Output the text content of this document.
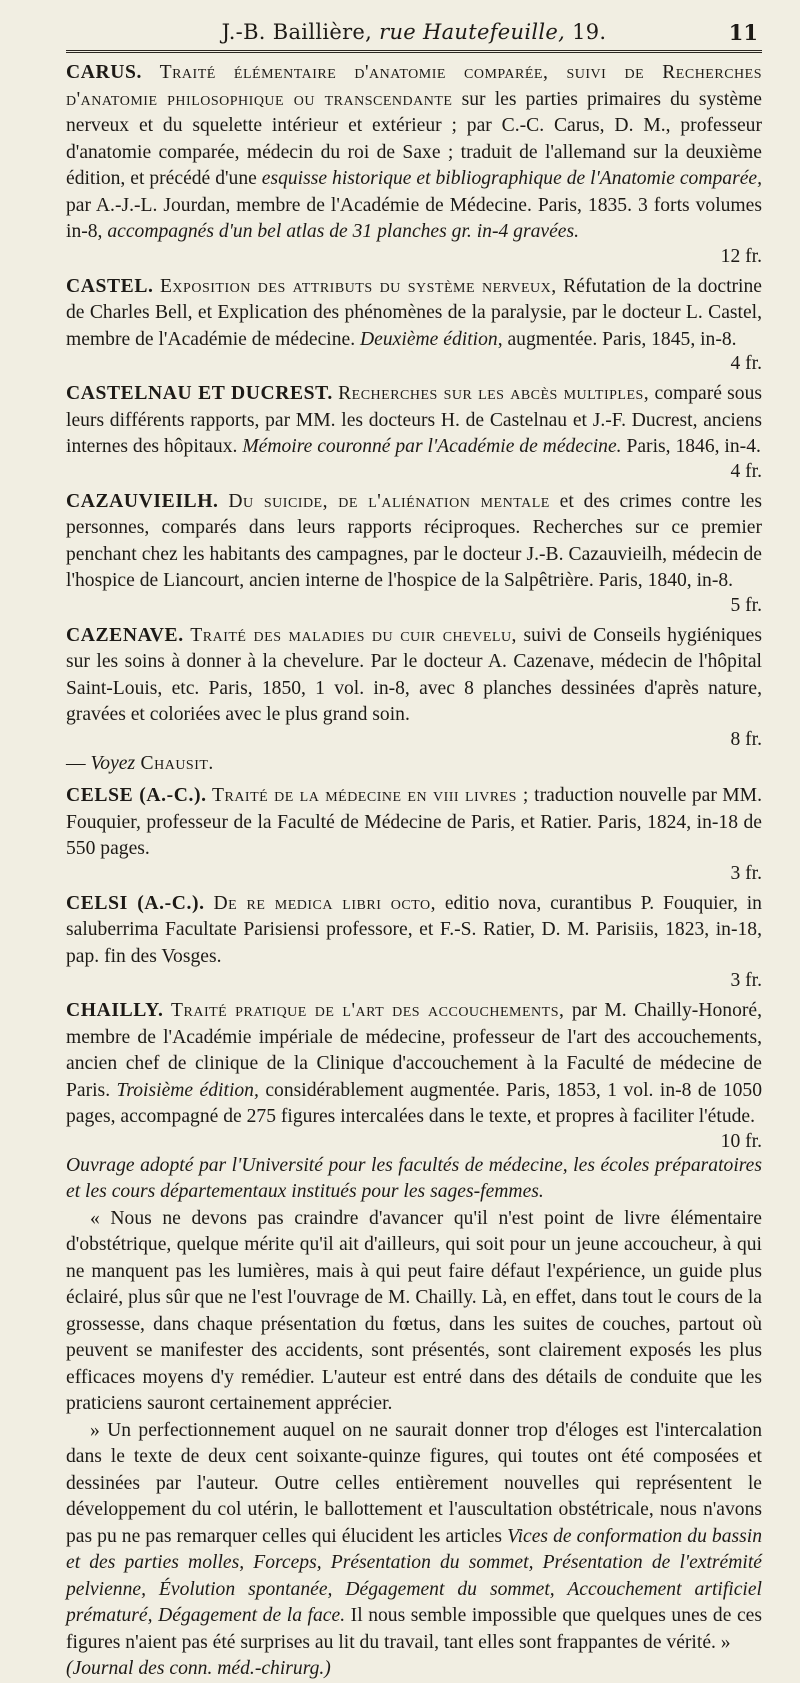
J.-B. Baillière, rue Hautefeuille, 19.	11
CARUS. Traité élémentaire d'anatomie comparée, suivi de Recherches d'anatomie philosophique ou transcendante sur les parties primaires du système nerveux et du squelette intérieur et extérieur ; par C.-C. Carus, D. M., professeur d'anatomie comparée, médecin du roi de Saxe ; traduit de l'allemand sur la deuxième édition, et précédé d'une esquisse historique et bibliographique de l'Anatomie comparée, par A.-J.-L. Jourdan, membre de l'Académie de Médecine. Paris, 1835. 3 forts volumes in-8, accompagnés d'un bel atlas de 31 planches gr. in-4 gravées.
12 fr.
CASTEL. Exposition des attributs du système nerveux, Réfutation de la doctrine de Charles Bell, et Explication des phénomènes de la paralysie, par le docteur L. Castel, membre de l'Académie de médecine. Deuxième édition, augmentée. Paris, 1845, in-8.
4 fr.
CASTELNAU ET DUCREST. Recherches sur les abcès multiples, comparé sous leurs différents rapports, par MM. les docteurs H. de Castelnau et J.-F. Ducrest, anciens internes des hôpitaux. Mémoire couronné par l'Académie de médecine. Paris, 1846, in-4.
4 fr.
CAZAUVIEILH. Du suicide, de l'aliénation mentale et des crimes contre les personnes, comparés dans leurs rapports réciproques. Recherches sur ce premier penchant chez les habitants des campagnes, par le docteur J.-B. Cazauvieilh, médecin de l'hospice de Liancourt, ancien interne de l'hospice de la Salpêtrière. Paris, 1840, in-8.
5 fr.
CAZENAVE. Traité des maladies du cuir chevelu, suivi de Conseils hygiéniques sur les soins à donner à la chevelure. Par le docteur A. Cazenave, médecin de l'hôpital Saint-Louis, etc. Paris, 1850, 1 vol. in-8, avec 8 planches dessinées d'après nature, gravées et coloriées avec le plus grand soin.
8 fr.
— Voyez Chausit.
CELSE (A.-C.). Traité de la médecine en viii livres ; traduction nouvelle par MM. Fouquier, professeur de la Faculté de Médecine de Paris, et Ratier. Paris, 1824, in-18 de 550 pages.
3 fr.
CELSI (A.-C.). De re medica libri octo, editio nova, curantibus P. Fouquier, in saluberrima Facultate Parisiensi professore, et F.-S. Ratier, D. M. Parisiis, 1823, in-18, pap. fin des Vosges.
3 fr.
CHAILLY. Traité pratique de l'art des accouchements, par M. Chailly-Honoré, membre de l'Académie impériale de médecine, professeur de l'art des accouchements, ancien chef de clinique de la Clinique d'accouchement à la Faculté de médecine de Paris. Troisième édition, considérablement augmentée. Paris, 1853, 1 vol. in-8 de 1050 pages, accompagné de 275 figures intercalées dans le texte, et propres à faciliter l'étude.
10 fr.
Ouvrage adopté par l'Université pour les facultés de médecine, les écoles préparatoires et les cours départementaux institués pour les sages-femmes.

« Nous ne devons pas craindre d'avancer qu'il n'est point de livre élémentaire d'obstétrique, quelque mérite qu'il ait d'ailleurs, qui soit pour un jeune accoucheur, à qui ne manquent pas les lumières, mais à qui peut faire défaut l'expérience, un guide plus éclairé, plus sûr que ne l'est l'ouvrage de M. Chailly. Là, en effet, dans tout le cours de la grossesse, dans chaque présentation du fœtus, dans les suites de couches, partout où peuvent se manifester des accidents, sont présentés, sont clairement exposés les plus efficaces moyens d'y remédier. L'auteur est entré dans des détails de conduite que les praticiens sauront certainement apprécier.

» Un perfectionnement auquel on ne saurait donner trop d'éloges est l'intercalation dans le texte de deux cent soixante-quinze figures, qui toutes ont été composées et dessinées par l'auteur. Outre celles entièrement nouvelles qui représentent le développement du col utérin, le ballottement et l'auscultation obstétricale, nous n'avons pas pu ne pas remarquer celles qui élucident les articles Vices de conformation du bassin et des parties molles, Forceps, Présentation du sommet, Présentation de l'extrémité pelvienne, Évolution spontanée, Dégagement du sommet, Accouchement artificiel prématuré, Dégagement de la face. Il nous semble impossible que quelques unes de ces figures n'aient pas été surprises au lit du travail, tant elles sont frappantes de vérité. »

(Journal des conn. méd.-chirurg.)
